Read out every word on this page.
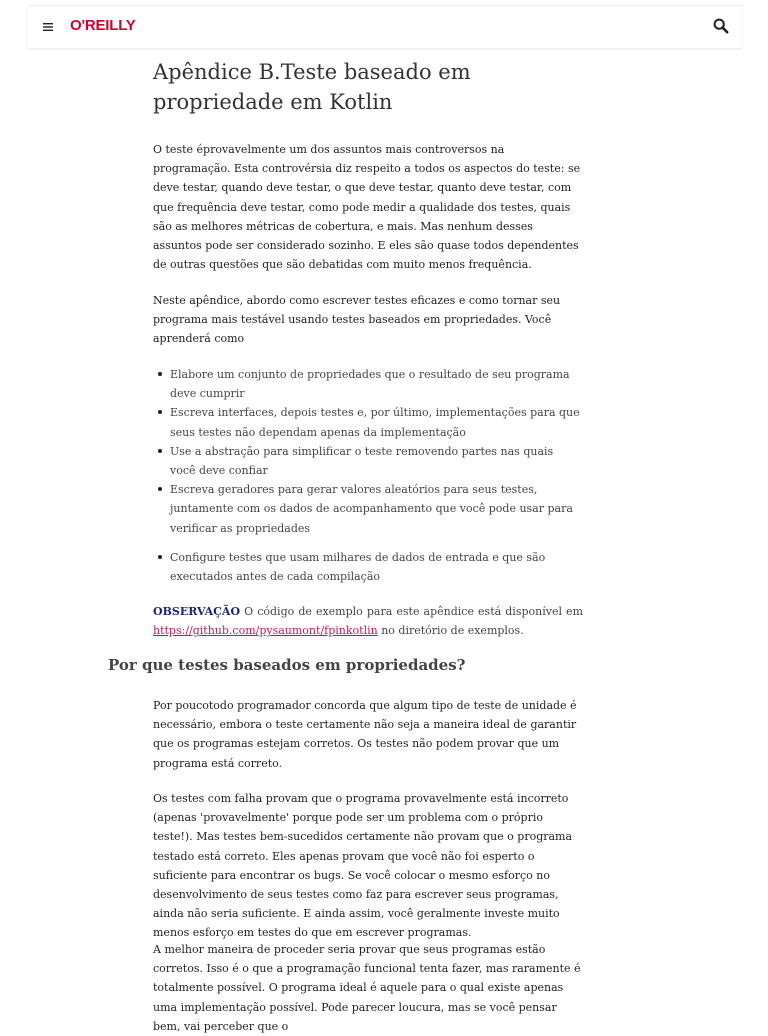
O'REILLY
Apêndice B.Teste baseado em propriedade em Kotlin

O teste éprovavelmente um dos assuntos mais controversos na programação. Esta controvérsia diz respeito a todos os aspectos do teste: se deve testar, quando deve testar, o que deve testar, quanto deve testar, com que frequência deve testar, como pode medir a qualidade dos testes, quais são as melhores métricas de cobertura, e mais. Mas nenhum desses assuntos pode ser considerado sozinho. E eles são quase todos dependentes de outras questões que são debatidas com muito menos frequência.

Neste apêndice, abordo como escrever testes eficazes e como tornar seu programa mais testável usando testes baseados em propriedades. Você aprenderá como

Elabore um conjunto de propriedades que o resultado de seu programa deve cumprir
Escreva interfaces, depois testes e, por último, implementações para que seus testes não dependam apenas da implementação
Use a abstração para simplificar o teste removendo partes nas quais você deve confiar
Escreva geradores para gerar valores aleatórios para seus testes, juntamente com os dados de acompanhamento que você pode usar para verificar as propriedades
Configure testes que usam milhares de dados de entrada e que são executados antes de cada compilação

OBSERVAÇÃO O código de exemplo para este apêndice está disponível em https://github.com/pysaumont/fpinkotlin no diretório de exemplos.

Por que testes baseados em propriedades?

Por poucotodo programador concorda que algum tipo de teste de unidade é necessário, embora o teste certamente não seja a maneira ideal de garantir que os programas estejam corretos. Os testes não podem provar que um programa está correto.

Os testes com falha provam que o programa provavelmente está incorreto (apenas 'provavelmente' porque pode ser um problema com o próprio teste!). Mas testes bem-sucedidos certamente não provam que o programa testado está correto. Eles apenas provam que você não foi esperto o suficiente para encontrar os bugs. Se você colocar o mesmo esforço no desenvolvimento de seus testes como faz para escrever seus programas, ainda não seria suficiente. E ainda assim, você geralmente investe muito menos esforço em testes do que em escrever programas.

A melhor maneira de proceder seria provar que seus programas estão corretos. Isso é o que a programação funcional tenta fazer, mas raramente é totalmente possível. O programa ideal é aquele para o qual existe apenas uma implementação possível. Pode parecer loucura, mas se você pensar bem, vai perceber que o
